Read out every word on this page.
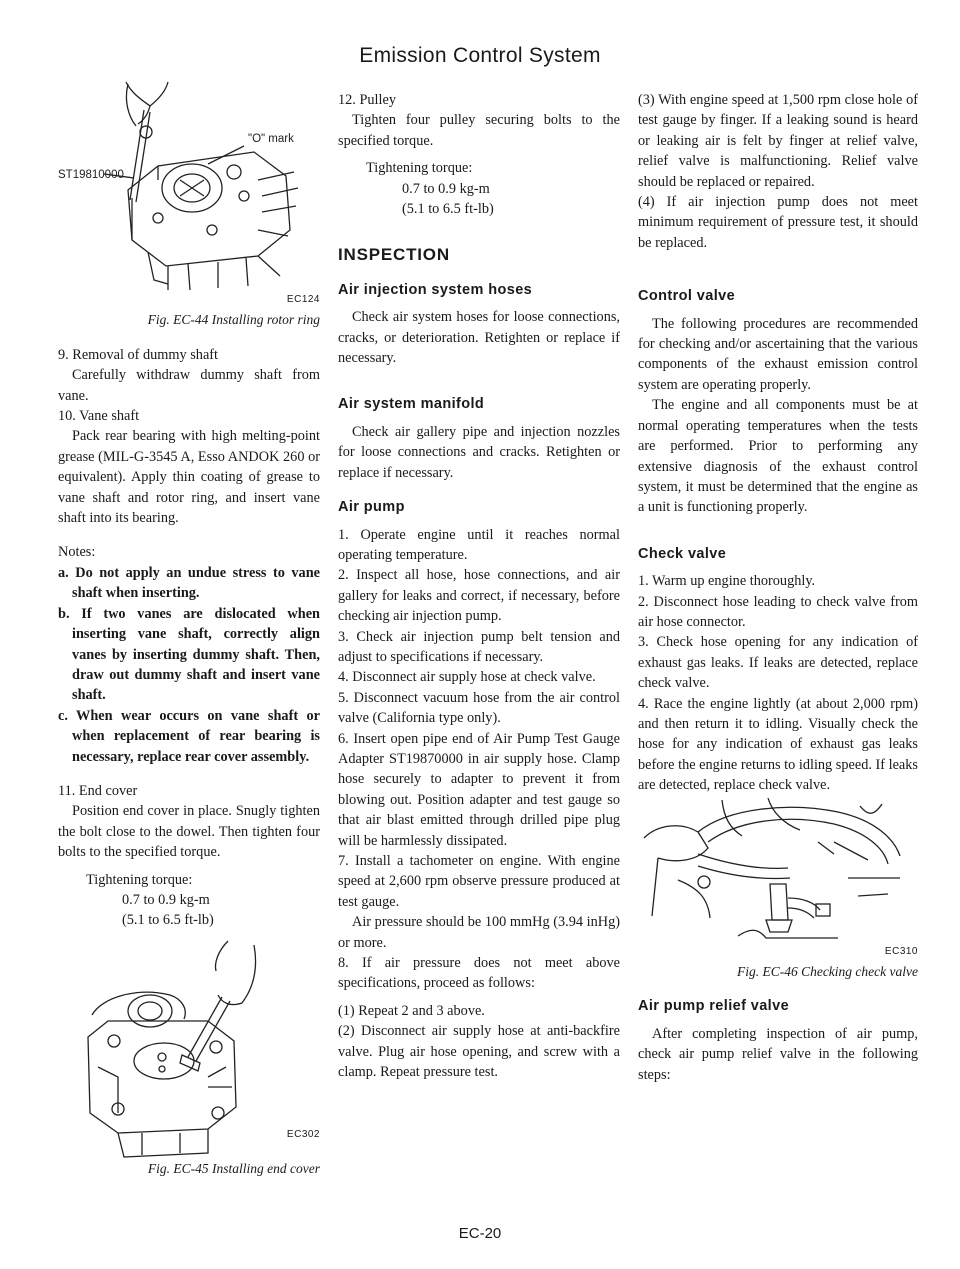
Emission Control System
ST19810000
"O" mark
EC124
Fig. EC-44 Installing rotor ring

9. Removal of dummy shaft

Carefully withdraw dummy shaft from vane.

10. Vane shaft

Pack rear bearing with high melting-point grease (MIL-G-3545 A, Esso ANDOK 260 or equivalent). Apply thin coating of grease to vane shaft and rotor ring, and insert vane shaft into its bearing.

Notes:

a. Do not apply an undue stress to vane shaft when inserting.

b. If two vanes are dislocated when inserting vane shaft, correctly align vanes by inserting dummy shaft. Then, draw out dummy shaft and insert vane shaft.

c. When wear occurs on vane shaft or when replacement of rear bearing is necessary, replace rear cover assembly.

11. End cover

Position end cover in place. Snugly tighten the bolt close to the dowel. Then tighten four bolts to the specified torque.

Tightening torque:

0.7 to 0.9 kg-m

(5.1 to 6.5 ft-lb)

EC302
Fig. EC-45 Installing end cover

12. Pulley

Tighten four pulley securing bolts to the specified torque.

Tightening torque:

0.7 to 0.9 kg-m

(5.1 to 6.5 ft-lb)

INSPECTION

Air injection system hoses

Check air system hoses for loose connections, cracks, or deterioration. Retighten or replace if necessary.

Air system manifold

Check air gallery pipe and injection nozzles for loose connections and cracks. Retighten or replace if necessary.

Air pump

1. Operate engine until it reaches normal operating temperature.

2. Inspect all hose, hose connections, and air gallery for leaks and correct, if necessary, before checking air injection pump.

3. Check air injection pump belt tension and adjust to specifications if necessary.

4. Disconnect air supply hose at check valve.

5. Disconnect vacuum hose from the air control valve (California type only).

6. Insert open pipe end of Air Pump Test Gauge Adapter ST19870000 in air supply hose. Clamp hose securely to adapter to prevent it from blowing out. Position adapter and test gauge so that air blast emitted through drilled pipe plug will be harmlessly dissipated.

7. Install a tachometer on engine. With engine speed at 2,600 rpm observe pressure produced at test gauge.

Air pressure should be 100 mmHg (3.94 inHg) or more.

8. If air pressure does not meet above specifications, proceed as follows:

(1) Repeat 2 and 3 above.

(2) Disconnect air supply hose at anti-backfire valve. Plug air hose opening, and screw with a clamp. Repeat pressure test.

(3) With engine speed at 1,500 rpm close hole of test gauge by finger. If a leaking sound is heard or leaking air is felt by finger at relief valve, relief valve is malfunctioning. Relief valve should be replaced or repaired.

(4) If air injection pump does not meet minimum requirement of pressure test, it should be replaced.

Control valve

The following procedures are recommended for checking and/or ascertaining that the various components of the exhaust emission control system are operating properly.

The engine and all components must be at normal operating temperatures when the tests are performed. Prior to performing any extensive diagnosis of the exhaust control system, it must be determined that the engine as a unit is functioning properly.

Check valve

1. Warm up engine thoroughly.

2. Disconnect hose leading to check valve from air hose connector.

3. Check hose opening for any indication of exhaust gas leaks. If leaks are detected, replace check valve.

4. Race the engine lightly (at about 2,000 rpm) and then return it to idling. Visually check the hose for any indication of exhaust gas leaks before the engine returns to idling speed. If leaks are detected, replace check valve.

EC310
Fig. EC-46 Checking check valve

Air pump relief valve

After completing inspection of air pump, check air pump relief valve in the following steps:

EC-20
